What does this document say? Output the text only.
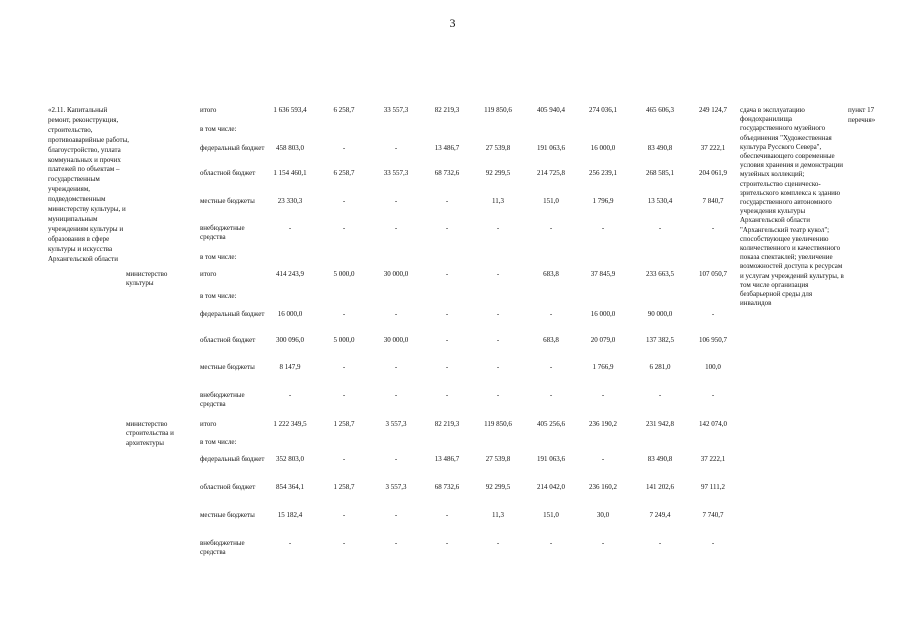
3
«2.11. Капитальный ремонт, реконструкция, строительство, противоаварийные работы, благоустройство, уплата коммунальных и прочих платежей по объектам – государственным учреждениям, подведомственным министерству культуры, и муниципальным учреждениям культуры и образования в сфере культуры и искусства Архангельской области
сдача в эксплуатацию фондохранилища государственного музейного объединения "Художественная культура Русского Севера", обеспечивающего современные условия хранения и демонстрации музейных коллекций; строительство сценическо-зрительского комплекса к зданию государственного автономного учреждения культуры Архангельской области "Архангельский театр кукол"; способствующее увеличению количественного и качественного показа спектаклей; увеличение возможностей доступа к ресурсам и услугам учреждений культуры, в том числе организация безбарьерной среды для инвалидов
пункт 17 перечня»
итого	1 636 593,4	6 258,7	33 557,3	82 219,3	119 850,6	405 940,4	274 036,1	465 606,3	249 124,7
в том числе:
федеральный бюджет 458 803,0	-	-	13 486,7	27 539,8	191 063,6	16 000,0	83 490,8	37 222,1
областной бюджет	1 154 460,1	6 258,7	33 557,3	68 732,6	92 299,5	214 725,8	256 239,1	268 585,1	204 061,9
местные бюджеты	23 330,3	-	-	-	11,3	151,0	1 796,9	13 530,4	7 840,7
внебюджетные средства
-	-	-	-	-	-	-	-	-
в том числе:
министерство культуры
итого	414 243,9	5 000,0	30 000,0	-	-	683,8	37 845,9	233 663,5	107 050,7
в том числе:
федеральный бюджет 16 000,0	-	-	-	-	-	16 000,0	90 000,0	-
областной бюджет	300 096,0	5 000,0	30 000,0	-	-	683,8	20 079,0	137 382,5	106 950,7
местные бюджеты	8 147,9	-	-	-	-	-	1 766,9	6 281,0	100,0
внебюджетные средства
-	-	-	-	-	-	-	-	-
министерство строительства и архитектуры
итого	1 222 349,5	1 258,7	3 557,3	82 219,3	119 850,6	405 256,6	236 190,2	231 942,8	142 074,0
в том числе:
федеральный бюджет 352 803,0	-	-	13 486,7	27 539,8	191 063,6	-	83 490,8	37 222,1
областной бюджет	854 364,1	1 258,7	3 557,3	68 732,6	92 299,5	214 042,0	236 160,2	141 202,6	97 111,2
местные бюджеты	15 182,4	-	-	-	11,3	151,0	30,0	7 249,4	7 740,7
внебюджетные средства
-	-	-	-	-	-	-	-	-
